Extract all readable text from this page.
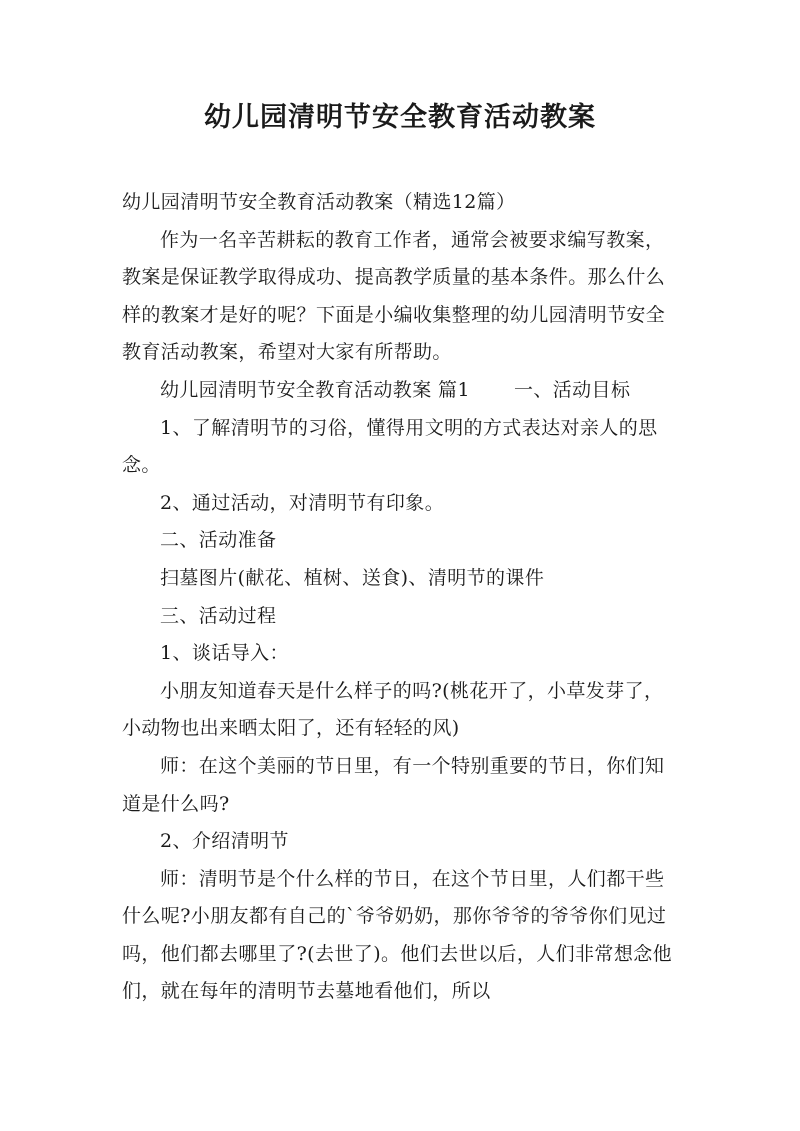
幼儿园清明节安全教育活动教案

幼儿园清明节安全教育活动教案（精选12篇）

作为一名辛苦耕耘的教育工作者，通常会被要求编写教案，教案是保证教学取得成功、提高教学质量的基本条件。那么什么样的教案才是好的呢？下面是小编收集整理的幼儿园清明节安全教育活动教案，希望对大家有所帮助。

幼儿园清明节安全教育活动教案 篇1 一、活动目标

1、了解清明节的习俗，懂得用文明的方式表达对亲人的思念。

2、通过活动，对清明节有印象。

二、活动准备

扫墓图片(献花、植树、送食)、清明节的课件

三、活动过程

1、谈话导入：

小朋友知道春天是什么样子的吗?(桃花开了，小草发芽了，小动物也出来晒太阳了，还有轻轻的风)

师：在这个美丽的节日里，有一个特别重要的节日，你们知道是什么吗?

2、介绍清明节

师：清明节是个什么样的节日，在这个节日里，人们都干些什么呢?小朋友都有自己的`爷爷奶奶，那你爷爷的爷爷你们见过吗，他们都去哪里了?(去世了)。他们去世以后，人们非常想念他们，就在每年的清明节去墓地看他们，所以
